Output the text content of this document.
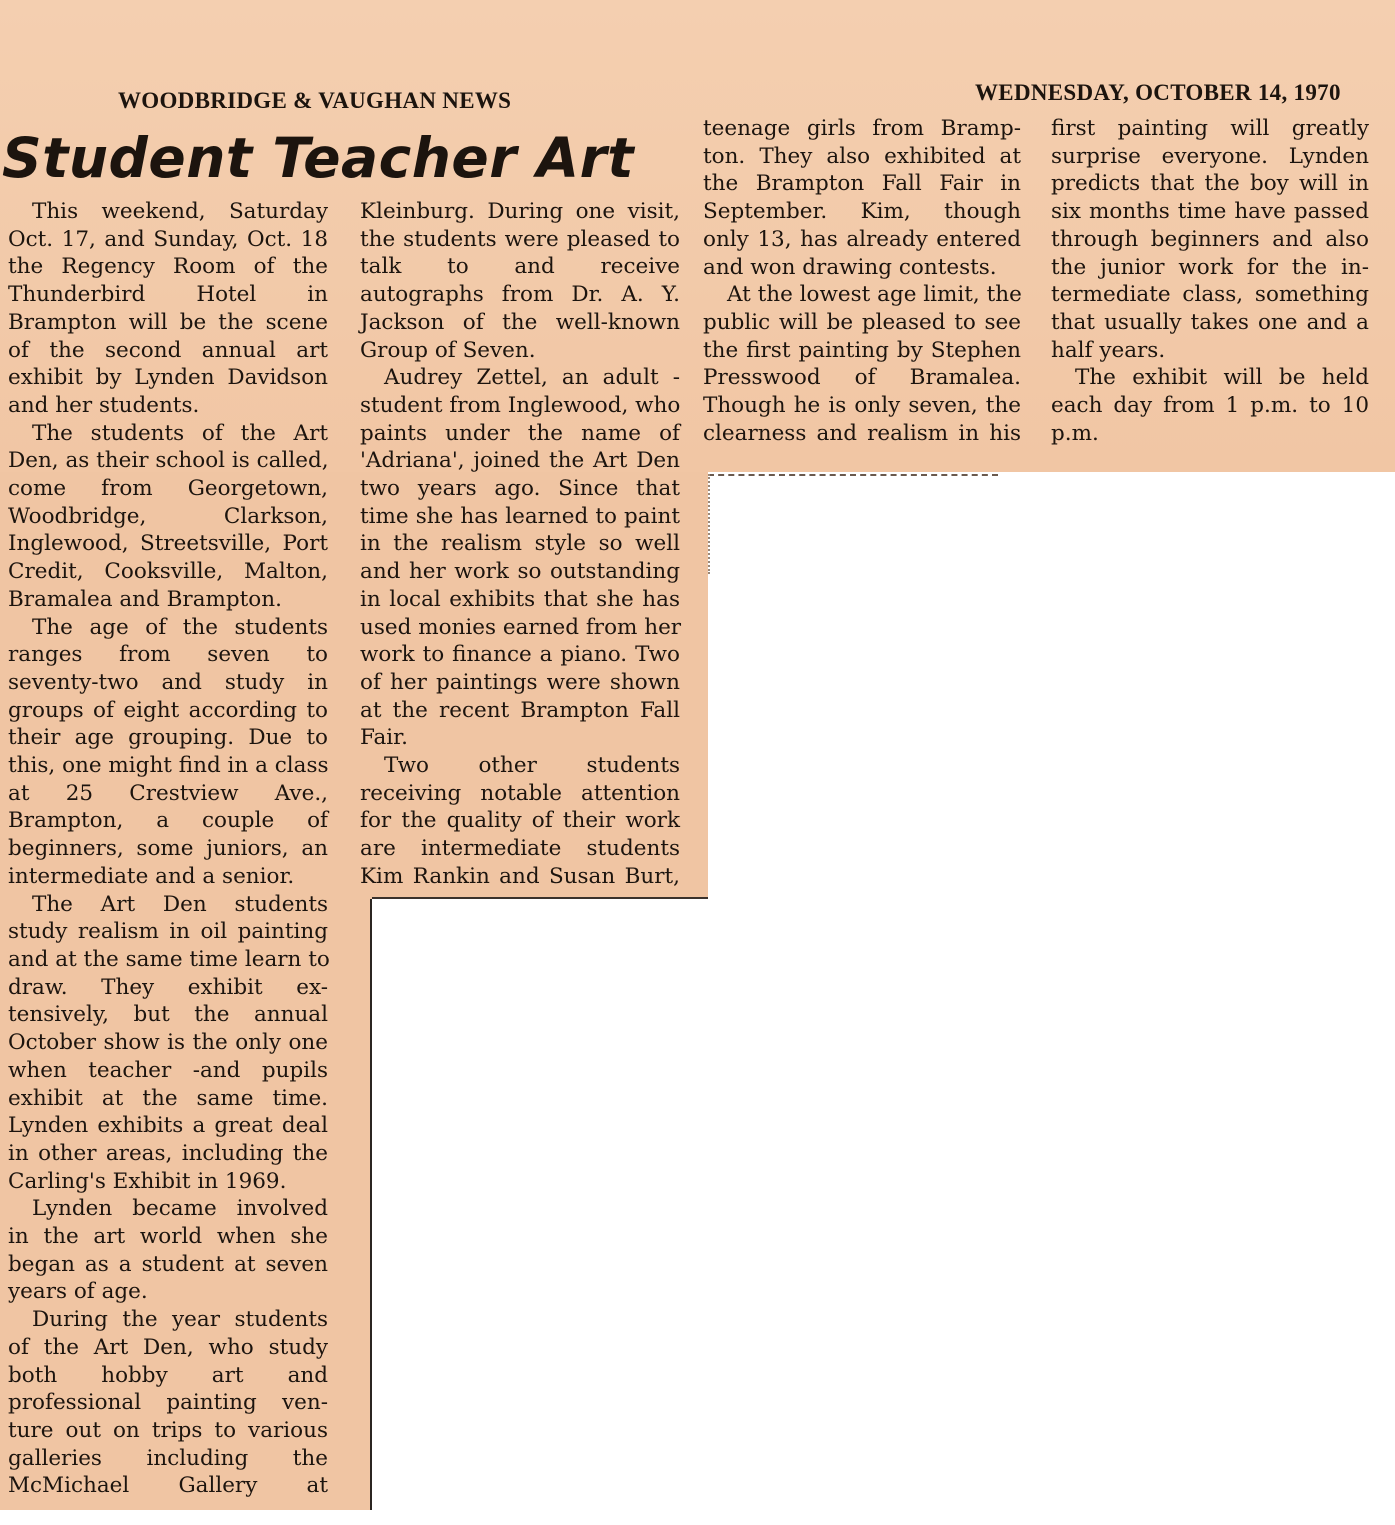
WOODBRIDGE & VAUGHAN NEWS	WEDNESDAY, OCTOBER 14, 1970
Student Teacher Art
This weekend, Saturday
Oct. 17, and Sunday, Oct. 18
the Regency Room of the
Thunderbird Hotel in
Brampton will be the scene
of the second annual art
exhibit by Lynden Davidson
and her students.
The students of the Art
Den, as their school is called,
come from Georgetown,
Woodbridge, Clarkson,
Inglewood, Streetsville, Port
Credit, Cooksville, Malton,
Bramalea and Brampton.
The age of the students
ranges from seven to
seventy-two and study in
groups of eight according to
their age grouping. Due to
this, one might find in a class
at 25 Crestview Ave.,
Brampton, a couple of
beginners, some juniors, an
intermediate and a senior.
The Art Den students
study realism in oil painting
and at the same time learn to
draw. They exhibit ex-
tensively, but the annual
October show is the only one
when teacher -and pupils
exhibit at the same time.
Lynden exhibits a great deal
in other areas, including the
Carling's Exhibit in 1969.
Lynden became involved
in the art world when she
began as a student at seven
years of age.
During the year students
of the Art Den, who study
both hobby art and
professional painting ven-
ture out on trips to various
galleries including the
McMichael Gallery at
Kleinburg. During one visit,
the students were pleased to
talk to and receive
autographs from Dr. A. Y.
Jackson of the well-known
Group of Seven.
Audrey Zettel, an adult -
student from Inglewood, who
paints under the name of
'Adriana', joined the Art Den
two years ago. Since that
time she has learned to paint
in the realism style so well
and her work so outstanding
in local exhibits that she has
used monies earned from her
work to finance a piano. Two
of her paintings were shown
at the recent Brampton Fall
Fair.
Two other students
receiving notable attention
for the quality of their work
are intermediate students
Kim Rankin and Susan Burt,
teenage girls from Bramp-
ton. They also exhibited at
the Brampton Fall Fair in
September. Kim, though
only 13, has already entered
and won drawing contests.
At the lowest age limit, the
public will be pleased to see
the first painting by Stephen
Presswood of Bramalea.
Though he is only seven, the
clearness and realism in his
first painting will greatly
surprise everyone. Lynden
predicts that the boy will in
six months time have passed
through beginners and also
the junior work for the in-
termediate class, something
that usually takes one and a
half years.
The exhibit will be held
each day from 1 p.m. to 10
p.m.
